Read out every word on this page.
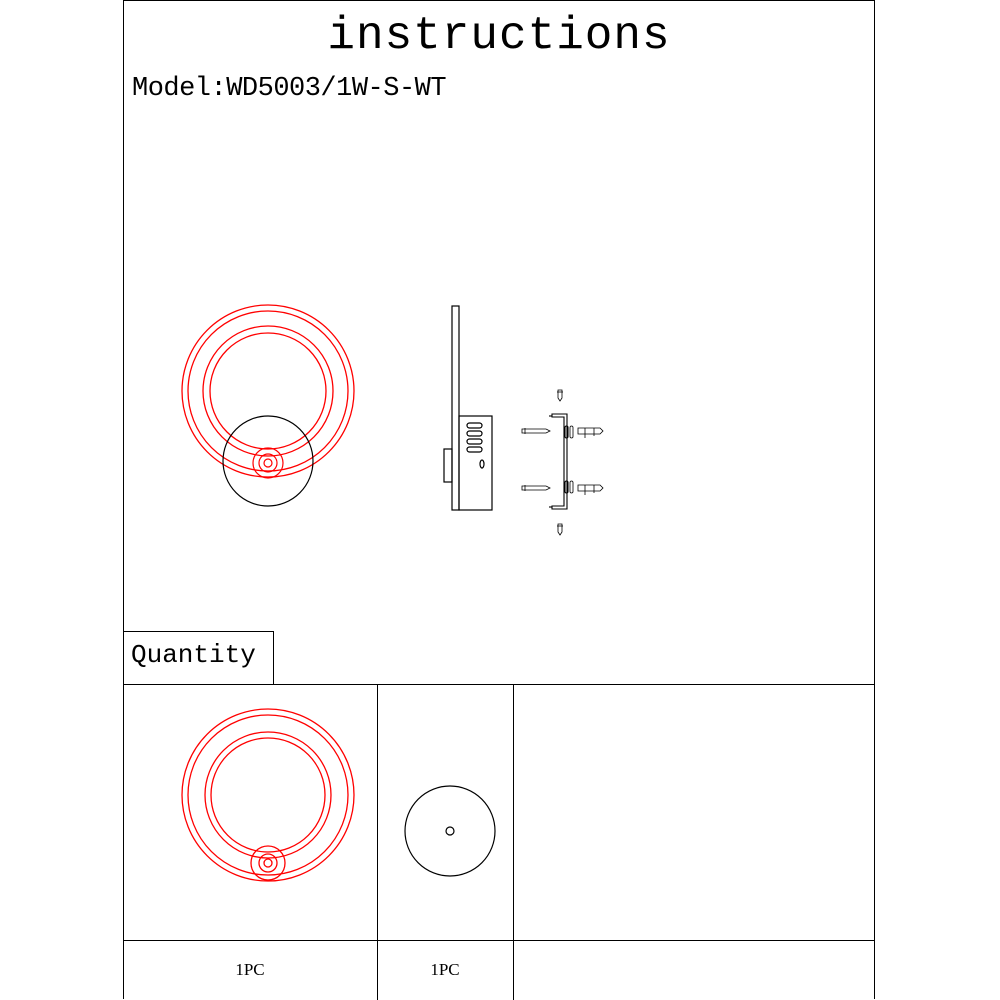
instructions
Model:WD5003/1W-S-WT
Quantity
1PC	1PC
